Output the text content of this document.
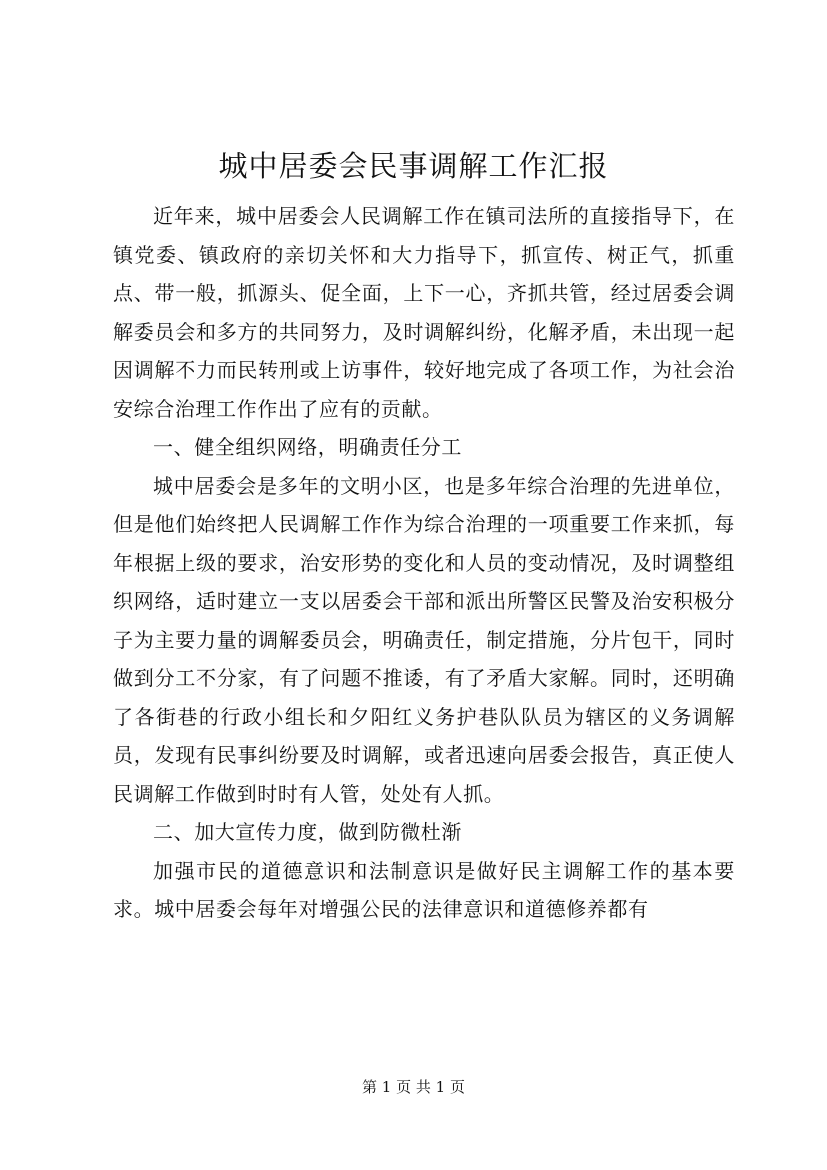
城中居委会民事调解工作汇报

近年来，城中居委会人民调解工作在镇司法所的直接指导下，在镇党委、镇政府的亲切关怀和大力指导下，抓宣传、树正气，抓重点、带一般，抓源头、促全面，上下一心，齐抓共管，经过居委会调解委员会和多方的共同努力，及时调解纠纷，化解矛盾，未出现一起因调解不力而民转刑或上访事件，较好地完成了各项工作，为社会治安综合治理工作作出了应有的贡献。

一、健全组织网络，明确责任分工

城中居委会是多年的文明小区，也是多年综合治理的先进单位，但是他们始终把人民调解工作作为综合治理的一项重要工作来抓，每年根据上级的要求，治安形势的变化和人员的变动情况，及时调整组织网络，适时建立一支以居委会干部和派出所警区民警及治安积极分子为主要力量的调解委员会，明确责任，制定措施，分片包干，同时做到分工不分家，有了问题不推诿，有了矛盾大家解。同时，还明确了各街巷的行政小组长和夕阳红义务护巷队队员为辖区的义务调解员，发现有民事纠纷要及时调解，或者迅速向居委会报告，真正使人民调解工作做到时时有人管，处处有人抓。

二、加大宣传力度，做到防微杜渐

加强市民的道德意识和法制意识是做好民主调解工作的基本要求。城中居委会每年对增强公民的法律意识和道德修养都有

第 1 页 共 1 页
